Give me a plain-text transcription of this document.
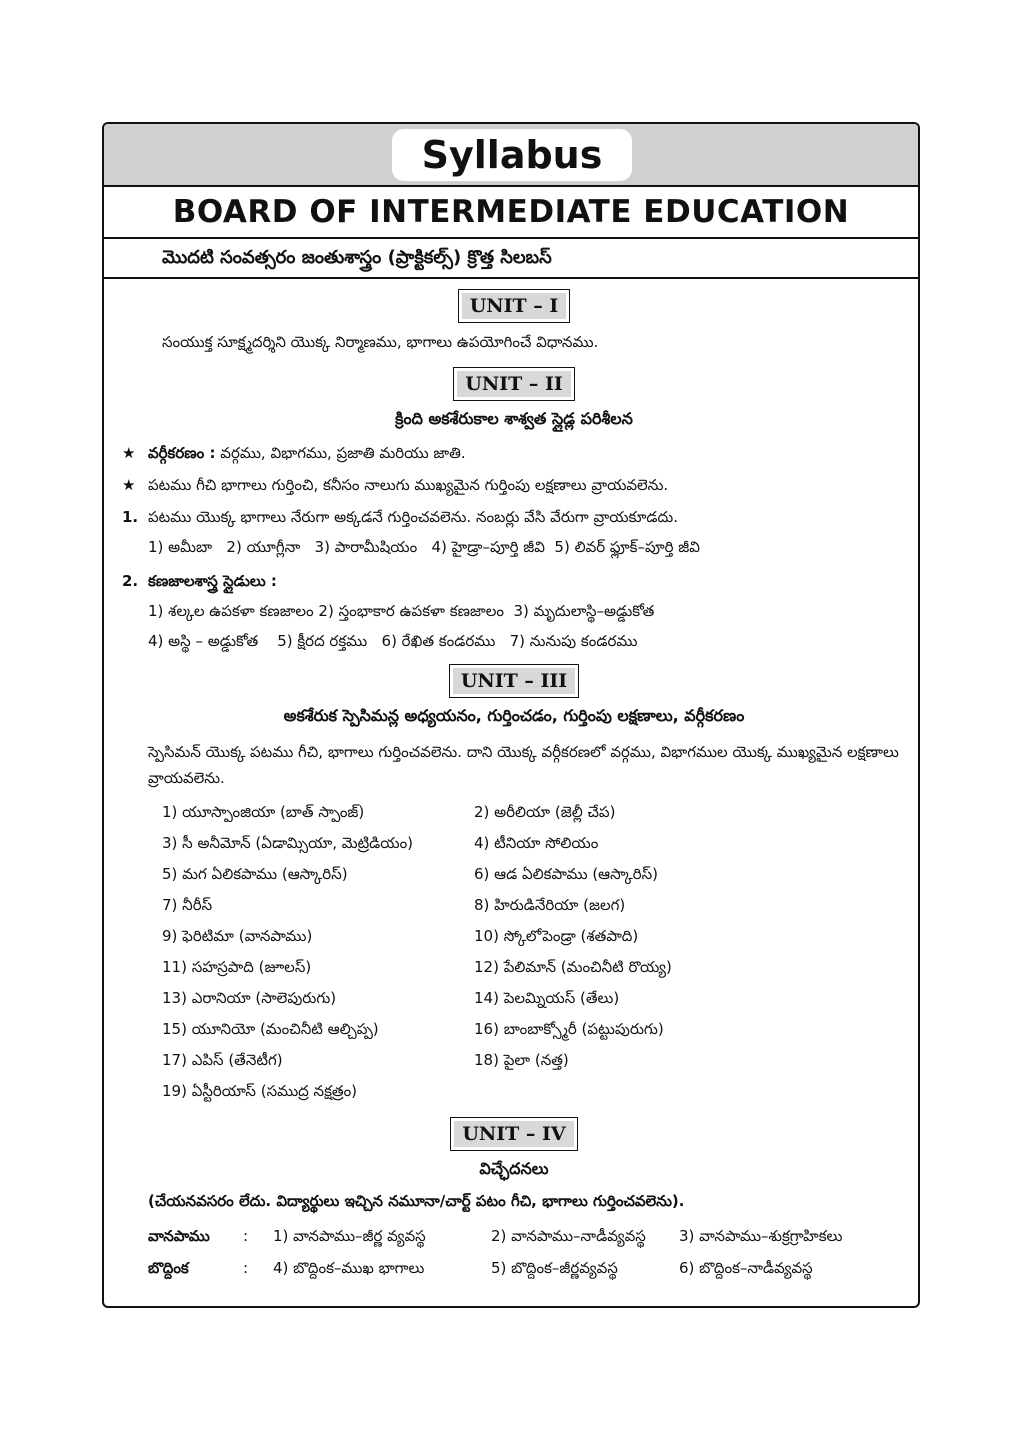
Syllabus
BOARD OF INTERMEDIATE EDUCATION
మొదటి సంవత్సరం జంతుశాస్త్రం (ప్రాక్టికల్స్) క్రొత్త సిలబస్
UNIT – I
సంయుక్త సూక్ష్మదర్శిని యొక్క నిర్మాణము, భాగాలు ఉపయోగించే విధానము.
UNIT – II
క్రింది అకశేరుకాల శాశ్వత స్లైడ్ల పరిశీలన
★ వర్గీకరణం : వర్గము, విభాగము, ప్రజాతి మరియు జాతి.
★ పటము గీచి భాగాలు గుర్తించి, కనీసం నాలుగు ముఖ్యమైన గుర్తింపు లక్షణాలు వ్రాయవలెను.
1. పటము యొక్క భాగాలు నేరుగా అక్కడనే గుర్తించవలెను. నంబర్లు వేసి వేరుగా వ్రాయకూడదు.
1) అమీబా   2) యూగ్లీనా   3) పారామీషియం   4) హైడ్రా–పూర్తి జీవి  5) లివర్ ఫ్లూక్–పూర్తి జీవి
2. కణజాలశాస్త్ర స్లైడులు :
1) శల్కల ఉపకళా కణజాలం 2) స్తంభాకార ఉపకళా కణజాలం  3) మృదులాస్థి–అడ్డుకోత
4) అస్థి – అడ్డుకోత    5) క్షీరద రక్తము   6) రేఖిత కండరము   7) నునుపు కండరము
UNIT – III
అకశేరుక స్పెసిమన్ల అధ్యయనం, గుర్తించడం, గుర్తింపు లక్షణాలు, వర్గీకరణం
స్పెసిమన్ యొక్క పటము గీచి, భాగాలు గుర్తించవలెను. దాని యొక్క వర్గీకరణలో వర్గము, విభాగముల యొక్క ముఖ్యమైన లక్షణాలు వ్రాయవలెను.
1) యూస్పాంజియా (బాత్ స్పాంజ్)	2) అరీలియా (జెల్లీ చేప)
3) సీ అనీమోన్ (ఏడామ్సియా, మెట్రిడియం)	4) టీనియా సోలియం
5) మగ ఏలికపాము (ఆస్కారిస్)	6) ఆడ ఏలికపాము (ఆస్కారిస్)
7) నీరీస్	8) హిరుడినేరియా (జలగ)
9) ఫెరిటిమా (వానపాము)	10) స్కోలోపెండ్రా (శతపాది)
11) సహస్రపాది (జూలస్)	12) పేలిమాన్ (మంచినీటి రొయ్య)
13) ఎరానియా (సాలెపురుగు)	14) పెలమ్నియస్ (తేలు)
15) యూనియో (మంచినీటి ఆల్చిప్ప)	16) బాంబాక్స్మోరీ (పట్టుపురుగు)
17) ఎపిస్ (తేనెటీగ)	18) పైలా (నత్త)
19) ఏస్టీరియాస్ (సముద్ర నక్షత్రం)
UNIT – IV
విచ్ఛేదనలు
(చేయనవసరం లేదు. విద్యార్థులు ఇచ్చిన నమూనా/చార్ట్ పటం గీచి, భాగాలు గుర్తించవలెను).
వానపాము	:	1) వానపాము–జీర్ణ వ్యవస్థ	2) వానపాము–నాడీవ్యవస్థ	3) వానపాము–శుక్రగ్రాహికలు
బొద్దింక	:	4) బొద్దింక–ముఖ భాగాలు	5) బొద్దింక–జీర్ణవ్యవస్థ	6) బొద్దింక–నాడీవ్యవస్థ
